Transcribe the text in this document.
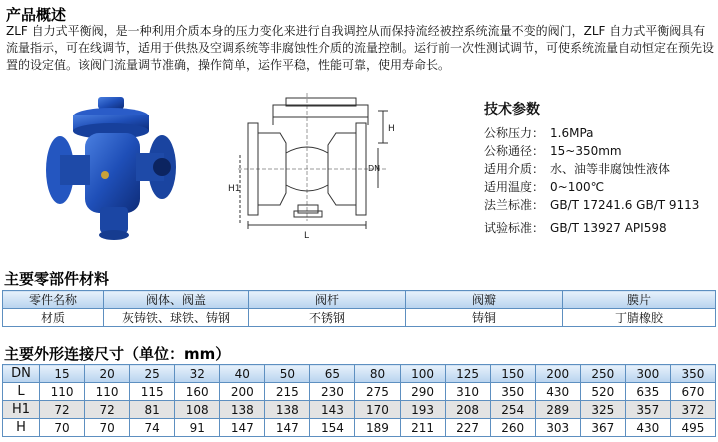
产品概述
ZLF 自力式平衡阀，是一种利用介质本身的压力变化来进行自我调控从而保持流经被控系统流量不变的阀门，ZLF 自力式平衡阀具有流量指示，可在线调节，适用于供热及空调系统等非腐蚀性介质的流量控制。运行前一次性测试调节，可使系统流量自动恒定在预先设置的设定值。该阀门流量调节准确，操作简单，运作平稳，性能可靠，使用寿命长。
H
DN
H1
L
技术参数
公称压力： 1.6MPa
公称通径： 15~350mm
适用介质： 水、油等非腐蚀性液体
适用温度： 0~100℃
法兰标准： GB/T 17241.6 GB/T 9113
试验标准： GB/T 13927 API598
主要零部件材料
零件名称	阀体、阀盖	阀杆	阀瓣	膜片
材质	灰铸铁、球铁、铸钢	不锈钢	铸铜	丁腈橡胶
主要外形连接尺寸（单位：mm）
DN	15	20	25	32	40	50	65	80	100	125	150	200	250	300	350
L	110	110	115	160	200	215	230	275	290	310	350	430	520	635	670
H1	72	72	81	108	138	138	143	170	193	208	254	289	325	357	372
H	70	70	74	91	147	147	154	189	211	227	260	303	367	430	495
